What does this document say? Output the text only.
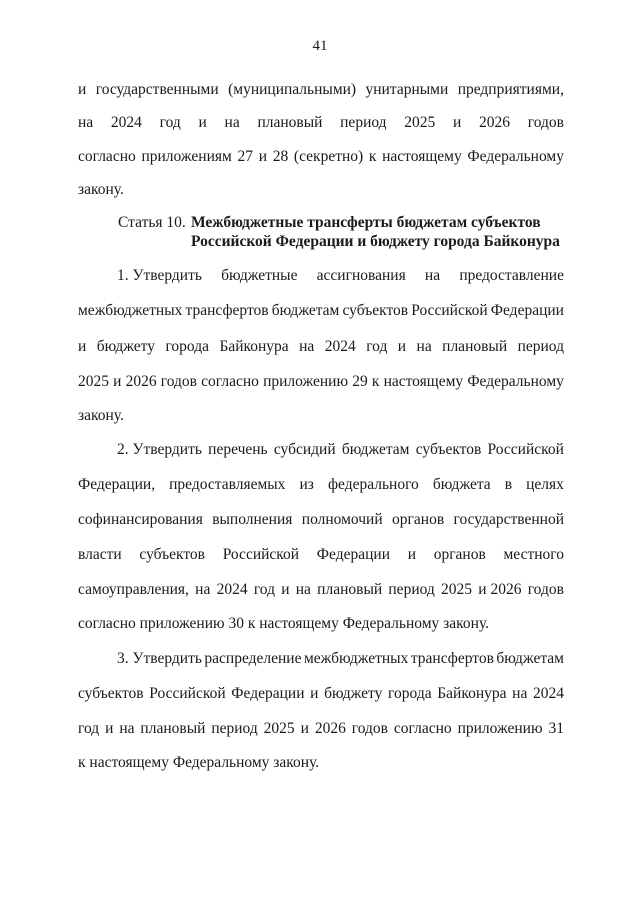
41
и государственными (муниципальными) унитарными предприятиями,
на 2024 год и на плановый период 2025 и 2026 годов
согласно приложениям 27 и 28 (секретно) к настоящему Федеральному
закону.
Статья 10. Межбюджетные трансферты бюджетам субъектов
Российской Федерации и бюджету города Байконура
1. Утвердить бюджетные ассигнования на предоставление
межбюджетных трансфертов бюджетам субъектов Российской Федерации
и бюджету города Байконура на 2024 год и на плановый период
2025 и 2026 годов согласно приложению 29 к настоящему Федеральному
закону.
2. Утвердить перечень субсидий бюджетам субъектов Российской
Федерации, предоставляемых из федерального бюджета в целях
софинансирования выполнения полномочий органов государственной
власти субъектов Российской Федерации и органов местного
самоуправления, на 2024 год и на плановый период 2025 и 2026 годов
согласно приложению 30 к настоящему Федеральному закону.
3. Утвердить распределение межбюджетных трансфертов бюджетам
субъектов Российской Федерации и бюджету города Байконура на 2024
год и на плановый период 2025 и 2026 годов согласно приложению 31
к настоящему Федеральному закону.
